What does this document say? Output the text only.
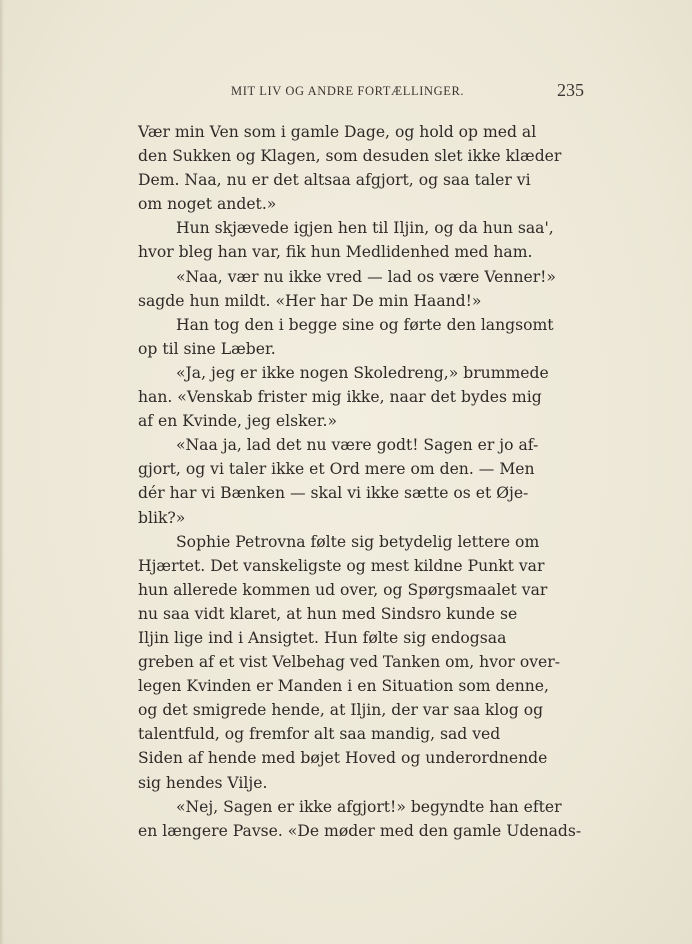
MIT LIV OG ANDRE FORTÆLLINGER.	235
Vær min Ven som i gamle Dage, og hold op med al
den Sukken og Klagen, som desuden slet ikke klæder
Dem. Naa, nu er det altsaa afgjort, og saa taler vi
om noget andet.»
Hun skjævede igjen hen til Iljin, og da hun saa',
hvor bleg han var, fik hun Medlidenhed med ham.
«Naa, vær nu ikke vred — lad os være Venner!»
sagde hun mildt. «Her har De min Haand!»
Han tog den i begge sine og førte den langsomt
op til sine Læber.
«Ja, jeg er ikke nogen Skoledreng,» brummede
han. «Venskab frister mig ikke, naar det bydes mig
af en Kvinde, jeg elsker.»
«Naa ja, lad det nu være godt! Sagen er jo af-
gjort, og vi taler ikke et Ord mere om den. — Men
dér har vi Bænken — skal vi ikke sætte os et Øje-
blik?»
Sophie Petrovna følte sig betydelig lettere om
Hjærtet. Det vanskeligste og mest kildne Punkt var
hun allerede kommen ud over, og Spørgsmaalet var
nu saa vidt klaret, at hun med Sindsro kunde se
Iljin lige ind i Ansigtet. Hun følte sig endogsaa
greben af et vist Velbehag ved Tanken om, hvor over-
legen Kvinden er Manden i en Situation som denne,
og det smigrede hende, at Iljin, der var saa klog og
talentfuld, og fremfor alt saa mandig, sad ved
Siden af hende med bøjet Hoved og underordnende
sig hendes Vilje.
«Nej, Sagen er ikke afgjort!» begyndte han efter
en længere Pavse. «De møder med den gamle Udenads-
